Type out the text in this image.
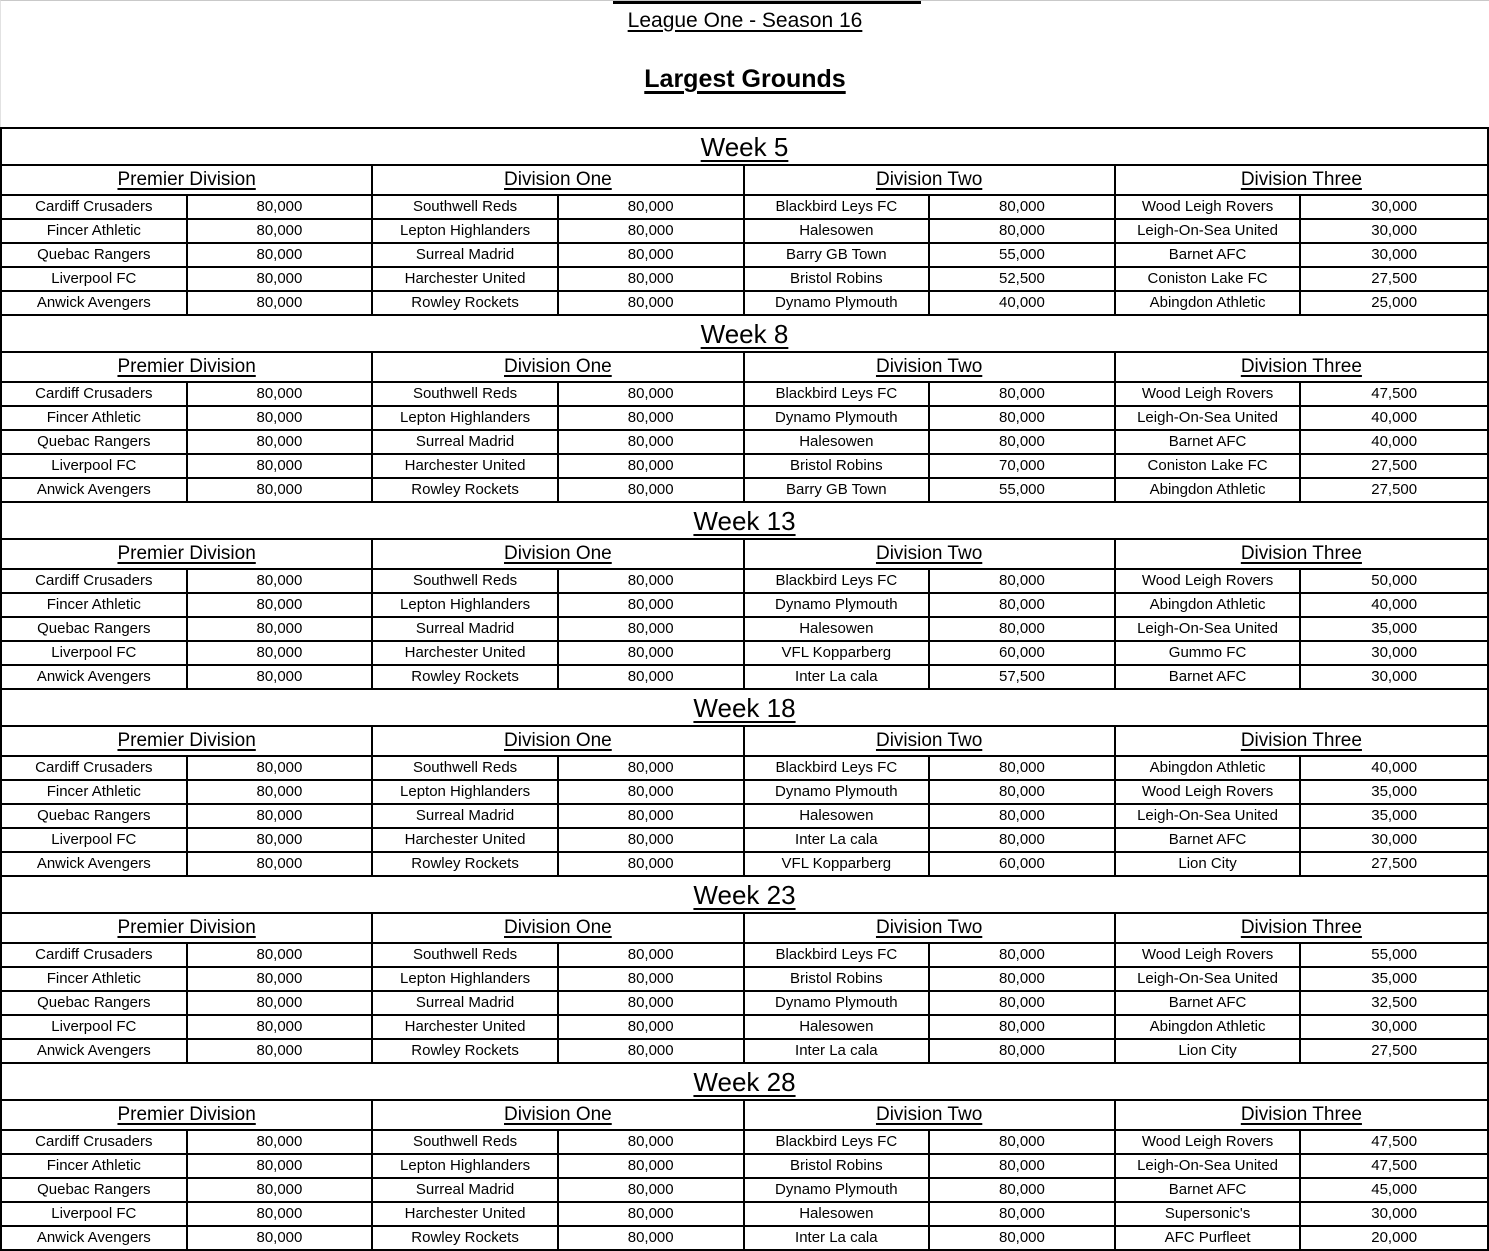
League One - Season 16
Largest Grounds
Week 5
Premier Division	Division One	Division Two	Division Three
Cardiff Crusaders	80,000	Southwell Reds	80,000	Blackbird Leys FC	80,000	Wood Leigh Rovers	30,000
Fincer Athletic	80,000	Lepton Highlanders	80,000	Halesowen	80,000	Leigh-On-Sea United	30,000
Quebac Rangers	80,000	Surreal Madrid	80,000	Barry GB Town	55,000	Barnet AFC	30,000
Liverpool FC	80,000	Harchester United	80,000	Bristol Robins	52,500	Coniston Lake FC	27,500
Anwick Avengers	80,000	Rowley Rockets	80,000	Dynamo Plymouth	40,000	Abingdon Athletic	25,000
Week 8
Premier Division	Division One	Division Two	Division Three
Cardiff Crusaders	80,000	Southwell Reds	80,000	Blackbird Leys FC	80,000	Wood Leigh Rovers	47,500
Fincer Athletic	80,000	Lepton Highlanders	80,000	Dynamo Plymouth	80,000	Leigh-On-Sea United	40,000
Quebac Rangers	80,000	Surreal Madrid	80,000	Halesowen	80,000	Barnet AFC	40,000
Liverpool FC	80,000	Harchester United	80,000	Bristol Robins	70,000	Coniston Lake FC	27,500
Anwick Avengers	80,000	Rowley Rockets	80,000	Barry GB Town	55,000	Abingdon Athletic	27,500
Week 13
Premier Division	Division One	Division Two	Division Three
Cardiff Crusaders	80,000	Southwell Reds	80,000	Blackbird Leys FC	80,000	Wood Leigh Rovers	50,000
Fincer Athletic	80,000	Lepton Highlanders	80,000	Dynamo Plymouth	80,000	Abingdon Athletic	40,000
Quebac Rangers	80,000	Surreal Madrid	80,000	Halesowen	80,000	Leigh-On-Sea United	35,000
Liverpool FC	80,000	Harchester United	80,000	VFL Kopparberg	60,000	Gummo FC	30,000
Anwick Avengers	80,000	Rowley Rockets	80,000	Inter La cala	57,500	Barnet AFC	30,000
Week 18
Premier Division	Division One	Division Two	Division Three
Cardiff Crusaders	80,000	Southwell Reds	80,000	Blackbird Leys FC	80,000	Abingdon Athletic	40,000
Fincer Athletic	80,000	Lepton Highlanders	80,000	Dynamo Plymouth	80,000	Wood Leigh Rovers	35,000
Quebac Rangers	80,000	Surreal Madrid	80,000	Halesowen	80,000	Leigh-On-Sea United	35,000
Liverpool FC	80,000	Harchester United	80,000	Inter La cala	80,000	Barnet AFC	30,000
Anwick Avengers	80,000	Rowley Rockets	80,000	VFL Kopparberg	60,000	Lion City	27,500
Week 23
Premier Division	Division One	Division Two	Division Three
Cardiff Crusaders	80,000	Southwell Reds	80,000	Blackbird Leys FC	80,000	Wood Leigh Rovers	55,000
Fincer Athletic	80,000	Lepton Highlanders	80,000	Bristol Robins	80,000	Leigh-On-Sea United	35,000
Quebac Rangers	80,000	Surreal Madrid	80,000	Dynamo Plymouth	80,000	Barnet AFC	32,500
Liverpool FC	80,000	Harchester United	80,000	Halesowen	80,000	Abingdon Athletic	30,000
Anwick Avengers	80,000	Rowley Rockets	80,000	Inter La cala	80,000	Lion City	27,500
Week 28
Premier Division	Division One	Division Two	Division Three
Cardiff Crusaders	80,000	Southwell Reds	80,000	Blackbird Leys FC	80,000	Wood Leigh Rovers	47,500
Fincer Athletic	80,000	Lepton Highlanders	80,000	Bristol Robins	80,000	Leigh-On-Sea United	47,500
Quebac Rangers	80,000	Surreal Madrid	80,000	Dynamo Plymouth	80,000	Barnet AFC	45,000
Liverpool FC	80,000	Harchester United	80,000	Halesowen	80,000	Supersonic's	30,000
Anwick Avengers	80,000	Rowley Rockets	80,000	Inter La cala	80,000	AFC Purfleet	20,000
